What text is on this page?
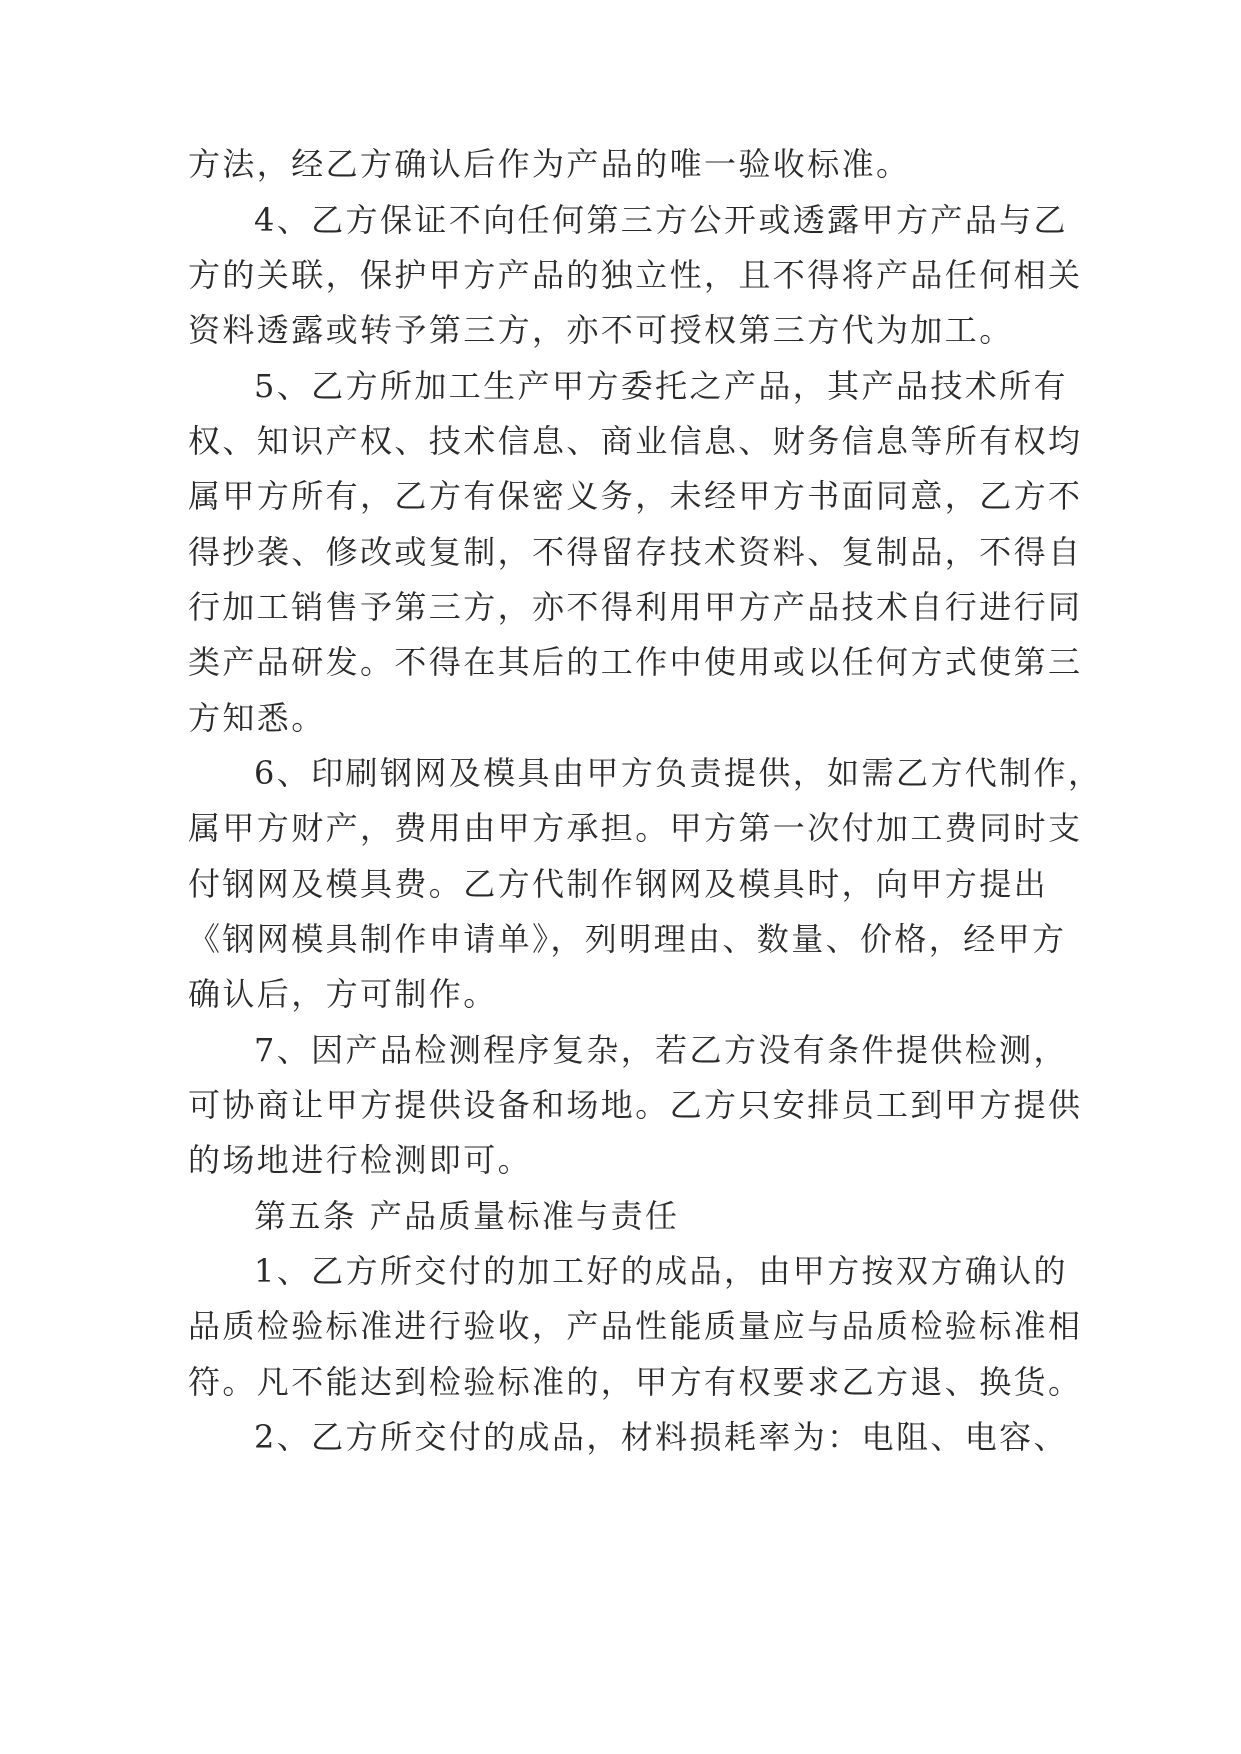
方法，经乙方确认后作为产品的唯一验收标准。
4、乙方保证不向任何第三方公开或透露甲方产品与乙
方的关联，保护甲方产品的独立性，且不得将产品任何相关
资料透露或转予第三方，亦不可授权第三方代为加工。
5、乙方所加工生产甲方委托之产品，其产品技术所有
权、知识产权、技术信息、商业信息、财务信息等所有权均
属甲方所有，乙方有保密义务，未经甲方书面同意，乙方不
得抄袭、修改或复制，不得留存技术资料、复制品，不得自
行加工销售予第三方，亦不得利用甲方产品技术自行进行同
类产品研发。不得在其后的工作中使用或以任何方式使第三
方知悉。
6、印刷钢网及模具由甲方负责提供，如需乙方代制作，
属甲方财产，费用由甲方承担。甲方第一次付加工费同时支
付钢网及模具费。乙方代制作钢网及模具时，向甲方提出
《钢网模具制作申请单》，列明理由、数量、价格，经甲方
确认后，方可制作。
7、因产品检测程序复杂，若乙方没有条件提供检测，
可协商让甲方提供设备和场地。乙方只安排员工到甲方提供
的场地进行检测即可。
第五条 产品质量标准与责任
1、乙方所交付的加工好的成品，由甲方按双方确认的
品质检验标准进行验收，产品性能质量应与品质检验标准相
符。凡不能达到检验标准的，甲方有权要求乙方退、换货。
2、乙方所交付的成品，材料损耗率为：电阻、电容、
